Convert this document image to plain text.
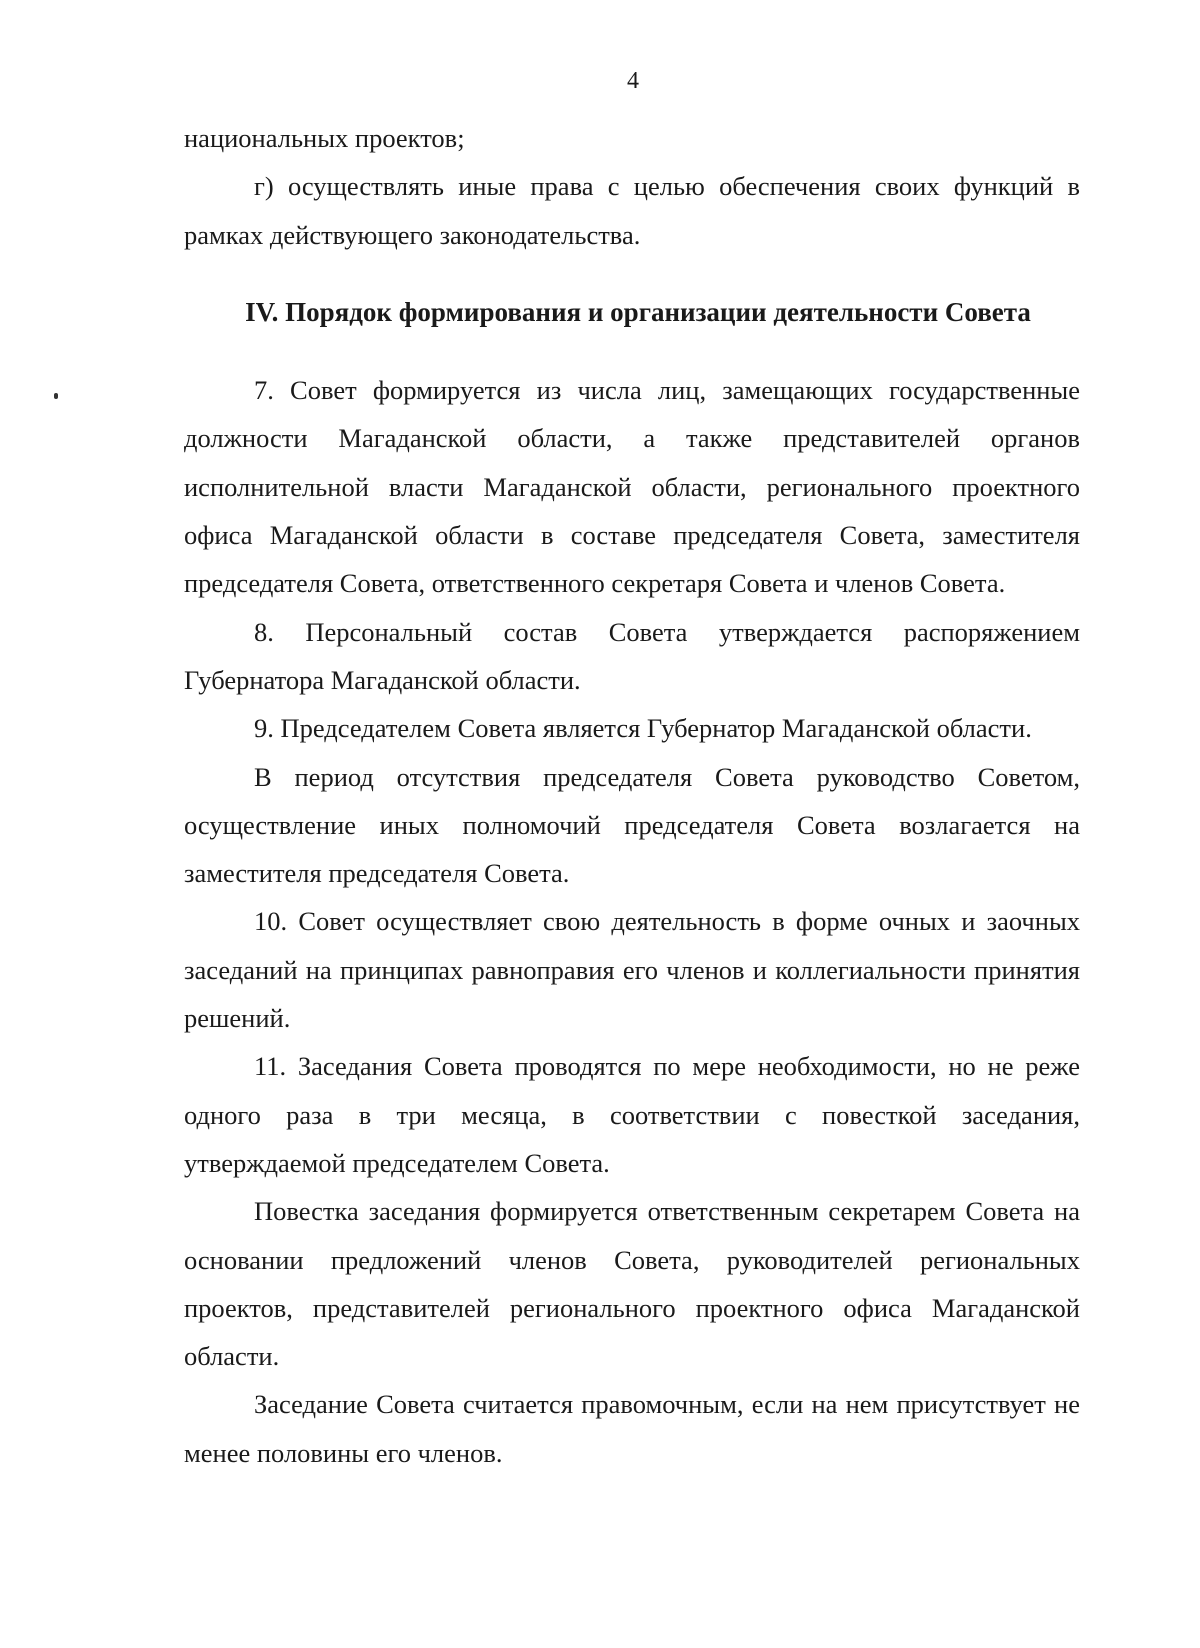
4

национальных проектов;

г) осуществлять иные права с целью обеспечения своих функций в рамках действующего законодательства.

IV. Порядок формирования и организации деятельности Совета

7. Совет формируется из числа лиц, замещающих государственные должности Магаданской области, а также представителей органов исполнительной власти Магаданской области, регионального проектного офиса Магаданской области в составе председателя Совета, заместителя председателя Совета, ответственного секретаря Совета и членов Совета.

8. Персональный состав Совета утверждается распоряжением Губернатора Магаданской области.

9. Председателем Совета является Губернатор Магаданской области.

В период отсутствия председателя Совета руководство Советом, осуществление иных полномочий председателя Совета возлагается на заместителя председателя Совета.

10. Совет осуществляет свою деятельность в форме очных и заочных заседаний на принципах равноправия его членов и коллегиальности принятия решений.

11. Заседания Совета проводятся по мере необходимости, но не реже одного раза в три месяца, в соответствии с повесткой заседания, утверждаемой председателем Совета.

Повестка заседания формируется ответственным секретарем Совета на основании предложений членов Совета, руководителей региональных проектов, представителей регионального проектного офиса Магаданской области.

Заседание Совета считается правомочным, если на нем присутствует не менее половины его членов.
